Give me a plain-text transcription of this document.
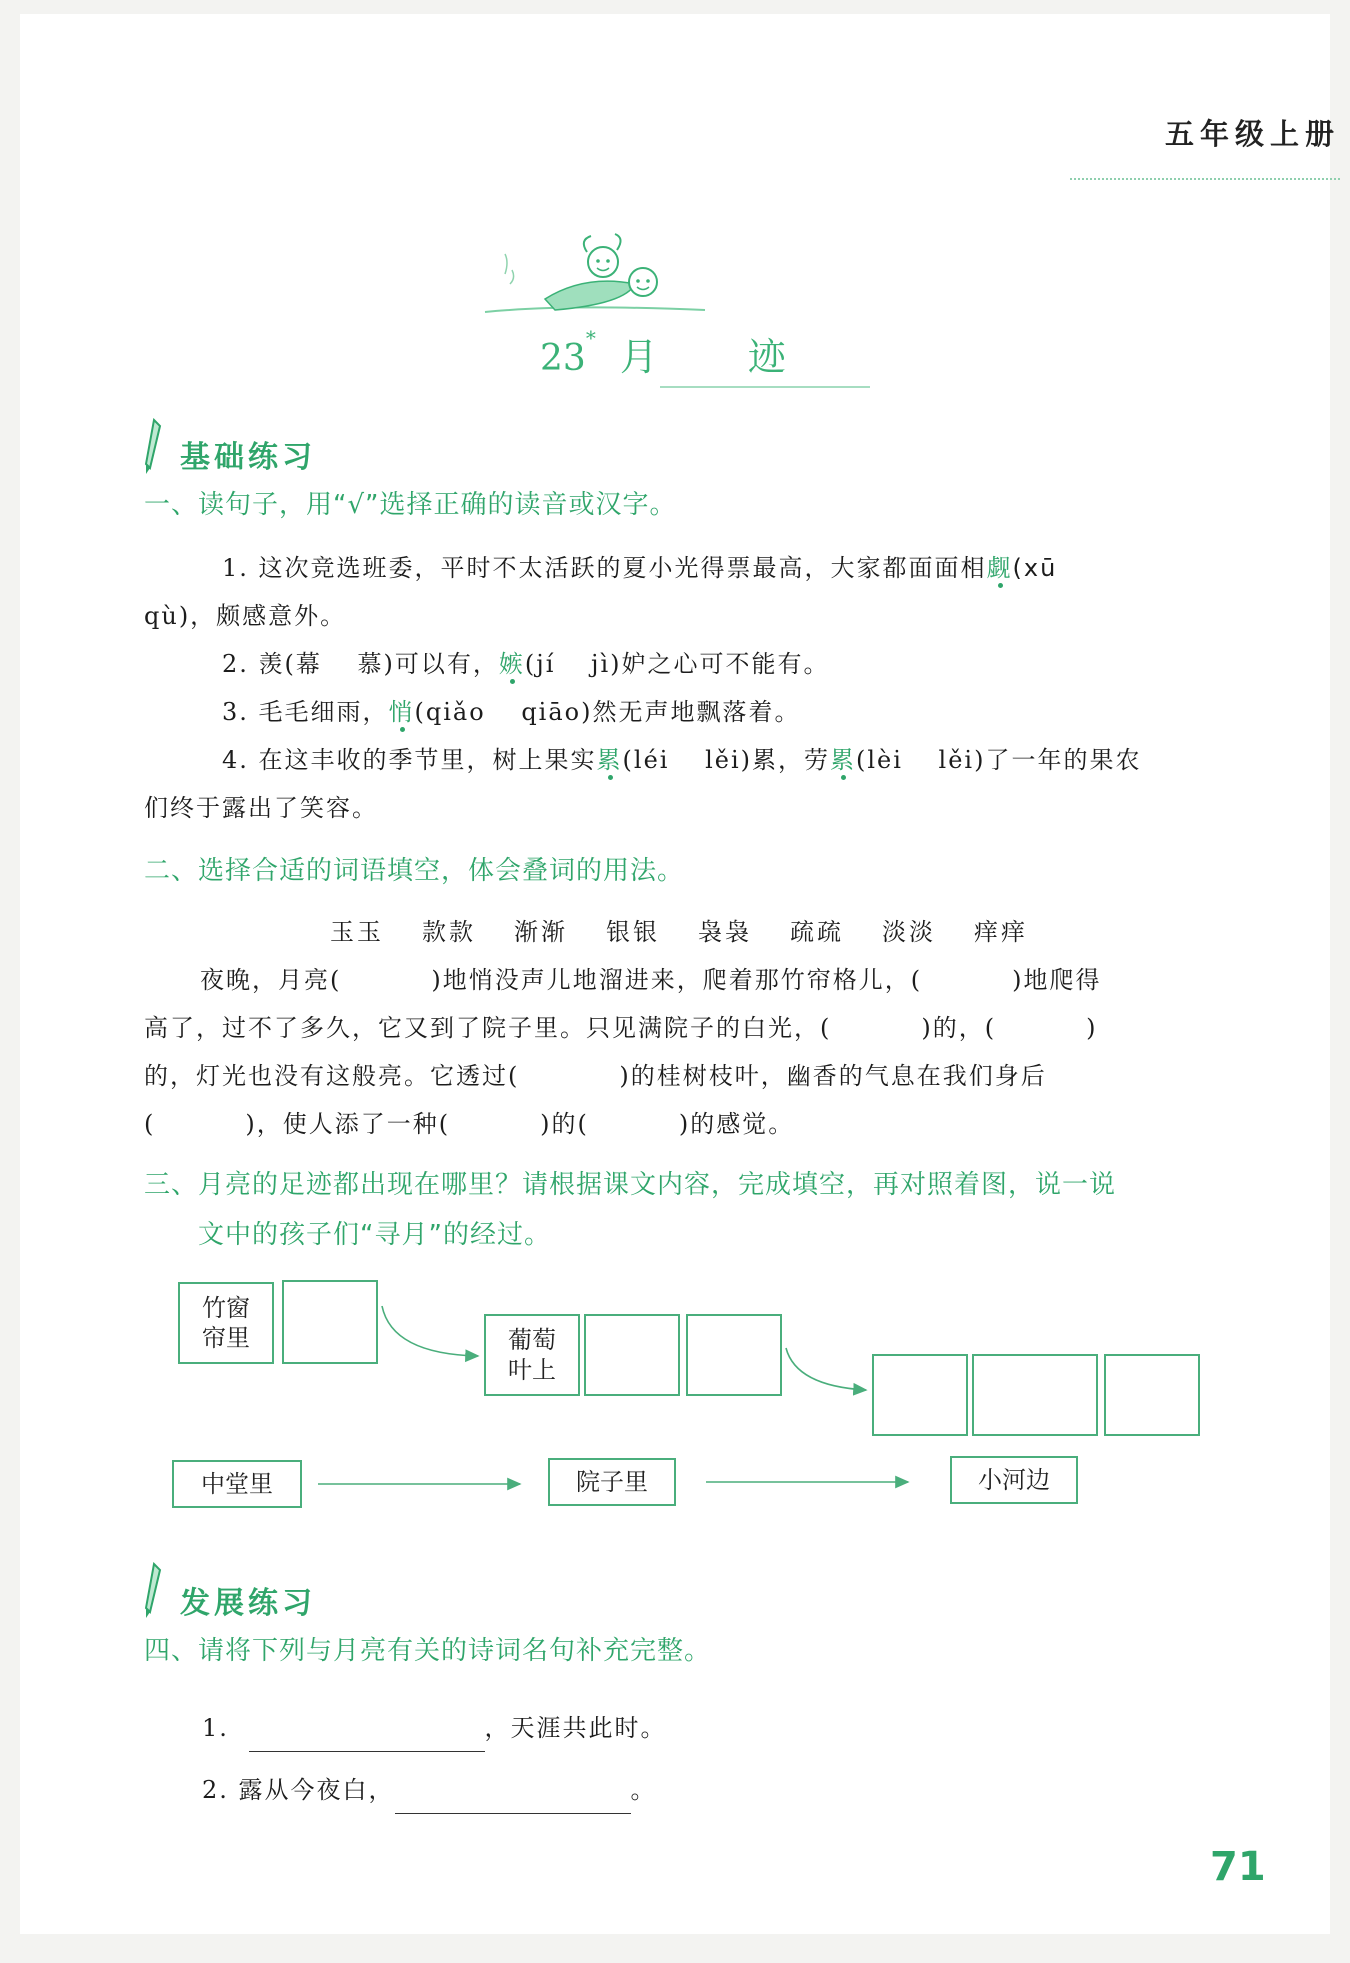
五年级上册
23* 月 迹
基础练习
一、读句子，用“√”选择正确的读音或汉字。
1. 这次竞选班委，平时不太活跃的夏小光得票最高，大家都面面相觑(xū
qù)，颇感意外。
2. 羡(幕　 慕)可以有，嫉(jí　 jì)妒之心可不能有。
3. 毛毛细雨，悄(qiǎo　 qiāo)然无声地飘落着。
4. 在这丰收的季节里，树上果实累(léi　 lěi)累，劳累(lèi　 lěi)了一年的果农
们终于露出了笑容。
二、选择合适的词语填空，体会叠词的用法。
玉玉 款款 渐渐 银银 袅袅 疏疏 淡淡 痒痒
夜晚，月亮(	)地悄没声儿地溜进来，爬着那竹帘格儿，(	)地爬得
高了，过不了多久，它又到了院子里。只见满院子的白光，(	)的，(	)
的，灯光也没有这般亮。它透过(	)的桂树枝叶，幽香的气息在我们身后
(	)，使人添了一种(	)的(	)的感觉。
三、月亮的足迹都出现在哪里？请根据课文内容，完成填空，再对照着图，说一说
文中的孩子们“寻月”的经过。
竹窗帘里	葡萄叶上
中堂里	院子里	小河边
发展练习
四、请将下列与月亮有关的诗词名句补充完整。
1.	，天涯共此时。
2. 露从今夜白，	。
71
